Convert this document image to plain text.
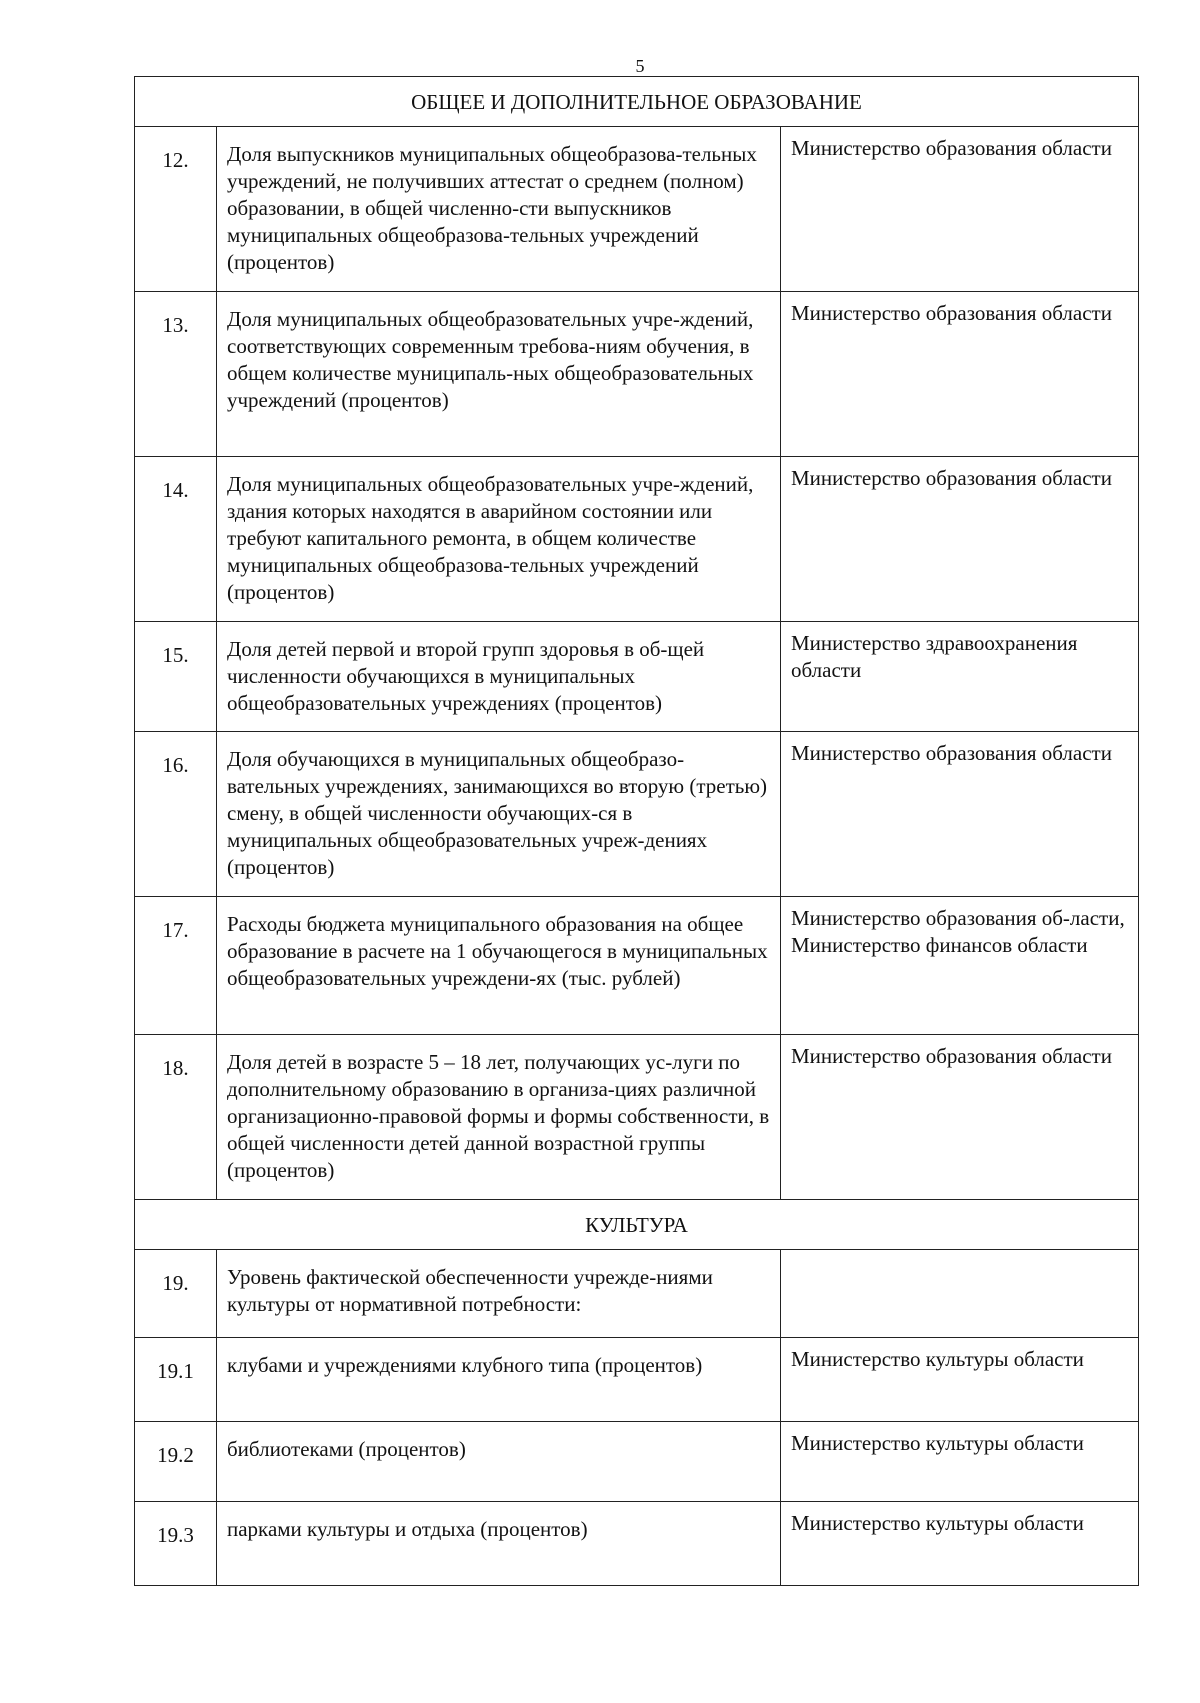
5
ОБЩЕЕ И ДОПОЛНИТЕЛЬНОЕ ОБРАЗОВАНИЕ		
12.	Доля выпускников муниципальных общеобразова-тельных учреждений, не получивших аттестат о среднем (полном) образовании, в общей численно-сти выпускников муниципальных общеобразова-тельных учреждений (процентов)	Министерство образования области
13.	Доля муниципальных общеобразовательных учре-ждений, соответствующих современным требова-ниям обучения, в общем количестве муниципаль-ных общеобразовательных учреждений (процентов)	Министерство образования области
14.	Доля муниципальных общеобразовательных учре-ждений, здания которых находятся в аварийном состоянии или требуют капитального ремонта, в общем количестве муниципальных общеобразова-тельных учреждений (процентов)	Министерство образования области
15.	Доля детей первой и второй групп здоровья в об-щей численности обучающихся в муниципальных общеобразовательных учреждениях (процентов)	Министерство здравоохранения области
16.	Доля обучающихся в муниципальных общеобразо-вательных учреждениях, занимающихся во вторую (третью) смену, в общей численности обучающих-ся в муниципальных общеобразовательных учреж-дениях (процентов)	Министерство образования области
17.	Расходы бюджета муниципального образования на общее образование в расчете на 1 обучающегося в муниципальных общеобразовательных учреждени-ях (тыс. рублей)	Министерство образования об-ласти, Министерство финансов области
18.	Доля детей в возрасте 5 – 18 лет, получающих ус-луги по дополнительному образованию в организа-циях различной организационно-правовой формы и формы собственности, в общей численности детей данной возрастной группы (процентов)	Министерство образования области
КУЛЬТУРА		
19.	Уровень фактической обеспеченности учрежде-ниями культуры от нормативной потребности:	
19.1	клубами и учреждениями клубного типа (процентов)	Министерство культуры области
19.2	библиотеками (процентов)	Министерство культуры области
19.3	парками культуры и отдыха (процентов)	Министерство культуры области
